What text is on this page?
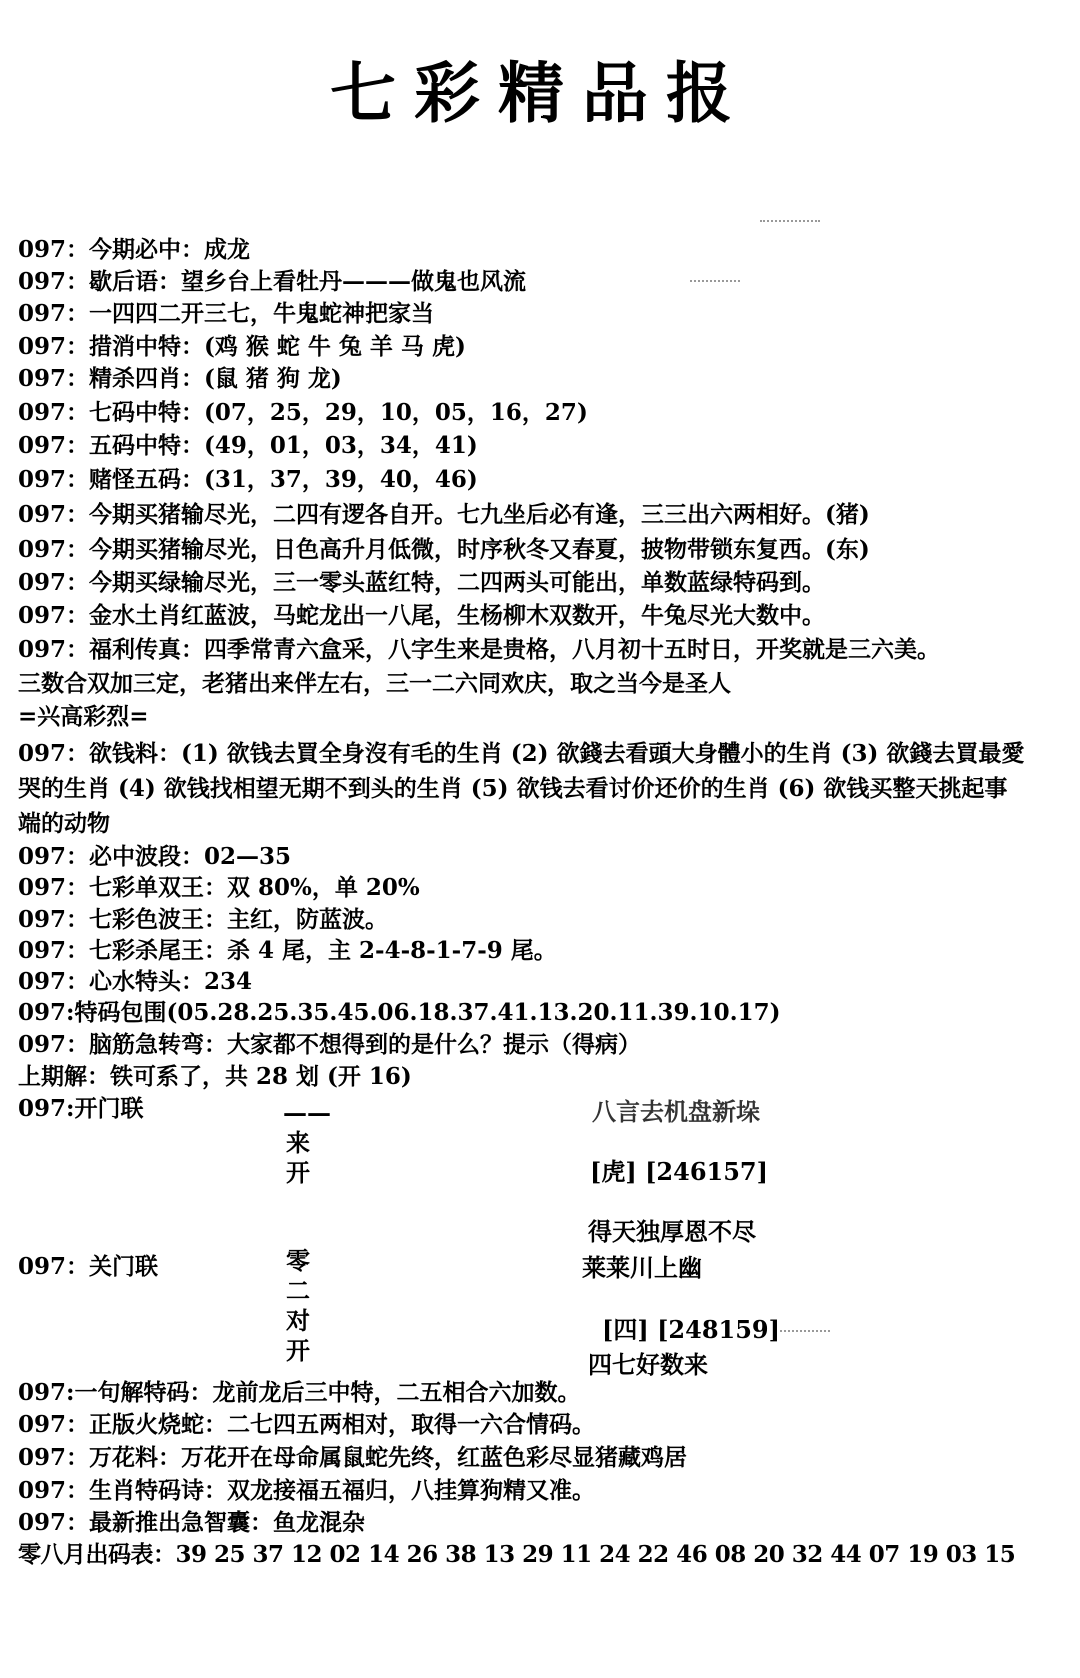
七彩精品报
097：今期必中：成龙
097：歇后语：望乡台上看牡丹———做鬼也风流
097：一四四二开三七，牛鬼蛇神把家当
097：措消中特：(鸡 猴 蛇 牛 兔 羊 马 虎)
097：精杀四肖：(鼠 猪 狗 龙)
097：七码中特：(07，25，29，10，05，16，27)
097：五码中特：(49，01，03，34，41)
097：赌怪五码：(31，37，39，40，46)
097：今期买猪输尽光，二四有逻各自开。七九坐后必有逢，三三出六两相好。(猪)
097：今期买猪输尽光，日色高升月低微，时序秋冬又春夏，披物带锁东复西。(东)
097：今期买绿输尽光，三一零头蓝红特，二四两头可能出，单数蓝绿特码到。
097：金水土肖红蓝波，马蛇龙出一八尾，生杨柳木双数开，牛兔尽光大数中。
097：福利传真：四季常青六盒采，八字生来是贵格，八月初十五时日，开奖就是三六美。
三数合双加三定，老猪出来伴左右，三一二六同欢庆，取之当今是圣人
=兴高彩烈=
097：欲钱料：(1) 欲钱去買全身沒有毛的生肖 (2) 欲錢去看頭大身體小的生肖 (3) 欲錢去買最愛哭的生肖 (4) 欲钱找相望无期不到头的生肖 (5) 欲钱去看讨价还价的生肖 (6) 欲钱买整天挑起事端的动物
097：必中波段：02—35
097：七彩单双王：双 80%，单 20%
097：七彩色波王：主红，防蓝波。
097：七彩杀尾王：杀 4 尾，主 2-4-8-1-7-9 尾。
097：心水特头：234
097:特码包围(05.28.25.35.45.06.18.37.41.13.20.11.39.10.17)
097：脑筋急转弯：大家都不想得到的是什么？提示（得病）
上期解：铁可系了，共 28 划 (开 16)
097:开门联
097：关门联
——来开
零二对开
八言去机盘新垛
[虎] [246157]
得天独厚恩不尽
莱莱川上幽
[四] [248159]
四七好数来
097:一句解特码：龙前龙后三中特，二五相合六加数。
097：正版火烧蛇：二七四五两相对，取得一六合情码。
097：万花料：万花开在母命属鼠蛇先终，红蓝色彩尽显猪藏鸡居
097：生肖特码诗：双龙接福五福归，八挂算狗精又准。
097：最新推出急智囊：鱼龙混杂
零八月出码表：39 25 37 12 02 14 26 38 13 29 11 24 22 46 08 20 32 44 07 19 03 15
